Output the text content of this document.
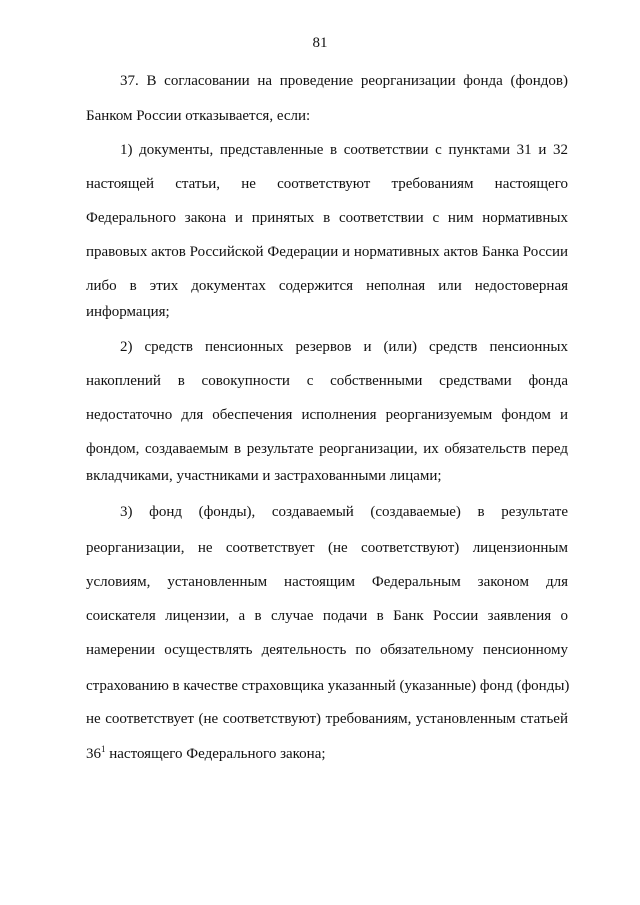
81
37. В согласовании на проведение реорганизации фонда (фондов)
Банком России отказывается, если:
1) документы, представленные в соответствии с пунктами 31 и 32
настоящей статьи, не соответствуют требованиям настоящего
Федерального закона и принятых в соответствии с ним нормативных
правовых актов Российской Федерации и нормативных актов Банка России
либо в этих документах содержится неполная или недостоверная
информация;
2) средств пенсионных резервов и (или) средств пенсионных
накоплений в совокупности с собственными средствами фонда
недостаточно для обеспечения исполнения реорганизуемым фондом и
фондом, создаваемым в результате реорганизации, их обязательств перед
вкладчиками, участниками и застрахованными лицами;
3) фонд (фонды), создаваемый (создаваемые) в результате
реорганизации, не соответствует (не соответствуют) лицензионным
условиям, установленным настоящим Федеральным законом для
соискателя лицензии, а в случае подачи в Банк России заявления о
намерении осуществлять деятельность по обязательному пенсионному
страхованию в качестве страховщика указанный (указанные) фонд (фонды)
не соответствует (не соответствуют) требованиям, установленным статьей
$36^1$ настоящего Федерального закона;
